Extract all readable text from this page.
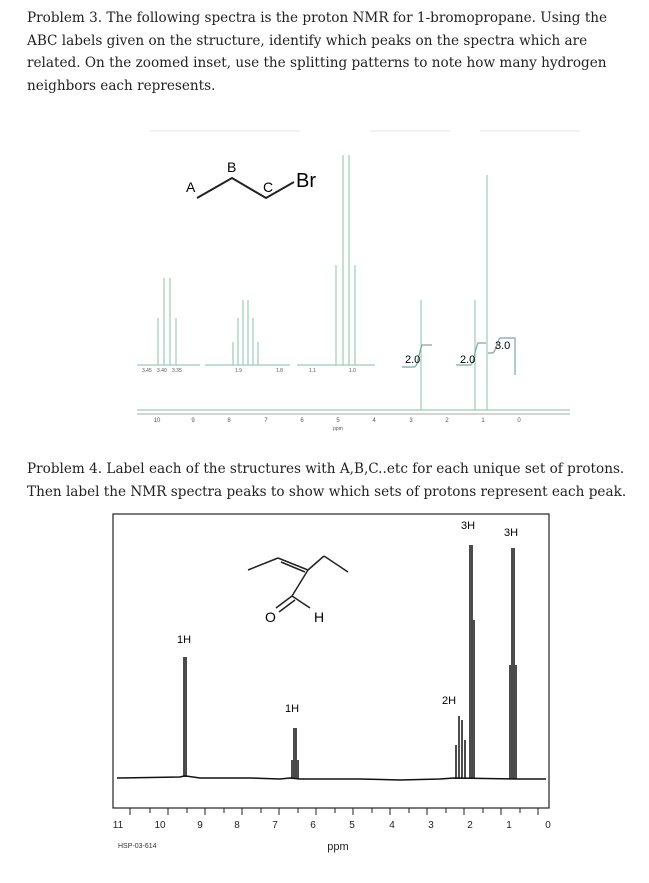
Problem 3. The following spectra is the proton NMR for 1-bromopropane. Using the ABC labels given on the structure, identify which peaks on the spectra which are related. On the zoomed inset, use the splitting patterns to note how many hydrogen neighbors each represents.

A
B
C Br
2.0	2.0
3.0
3.45 3.40 3.35	1.9	1.8	1.1	1.0
10	9	8	7	6	5	4	3	2	1	0
ppm

Problem 4. Label each of the structures with A,B,C..etc for each unique set of protons. Then label the NMR spectra peaks to show which sets of protons represent each peak.

O	H
1H
1H
2H
3H
3H
11	10	9	8	7	6	5	4	3	2	1	0
ppm
HSP-03-614
